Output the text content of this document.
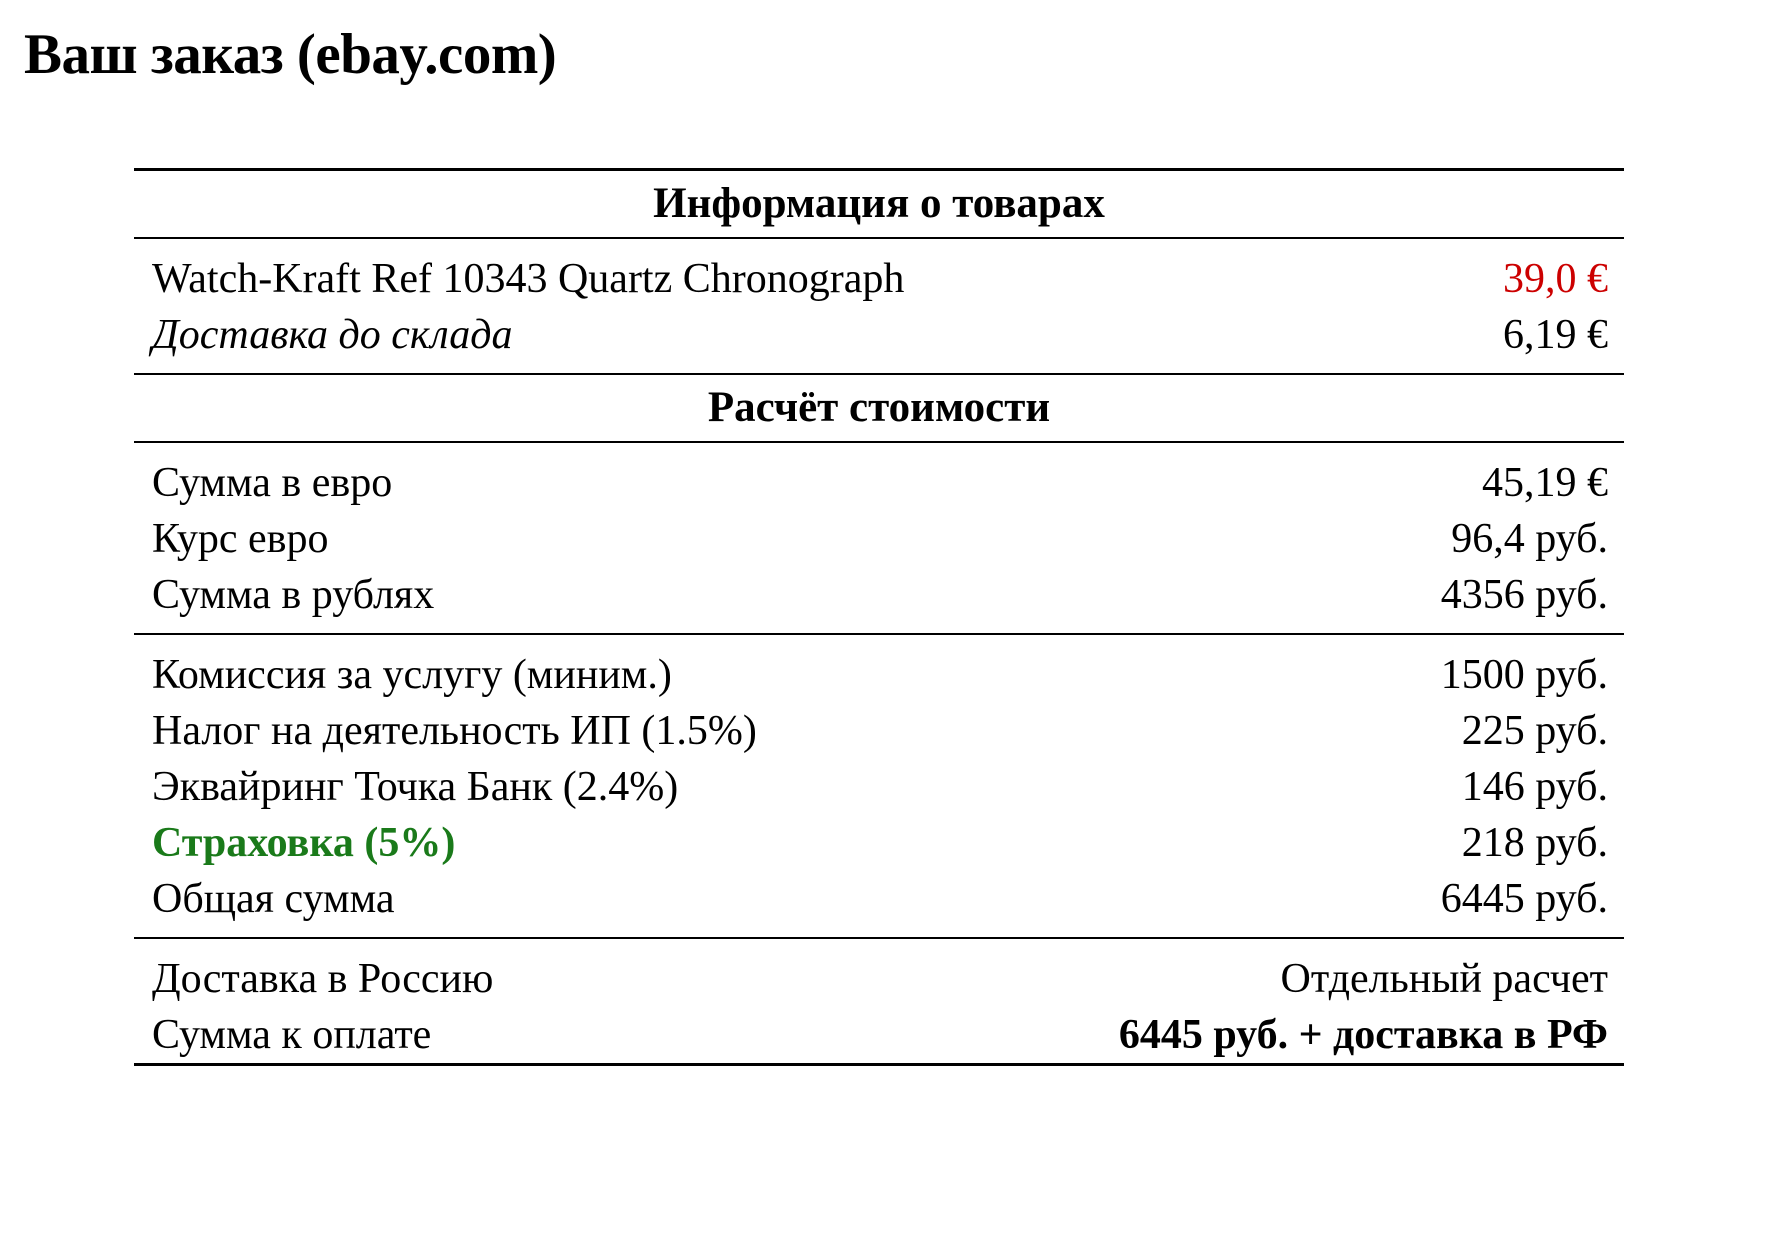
Ваш заказ (ebay.com)
Информация о товарах	
Watch-Kraft Ref 10343 Quartz Chronograph	39,0 €
Доставка до склада	6,19 €

Расчёт стоимости	
Сумма в евро	45,19 €
Курс евро	96,4 руб.
Сумма в рублях	4356 руб.

Комиссия за услугу (миним.)	1500 руб.
Налог на деятельность ИП (1.5%)	225 руб.
Эквайринг Точка Банк (2.4%)	146 руб.
Страховка (5%)	218 руб.
Общая сумма	6445 руб.

Доставка в Россию	Отдельный расчет
Сумма к оплате	6445 руб. + доставка в РФ
